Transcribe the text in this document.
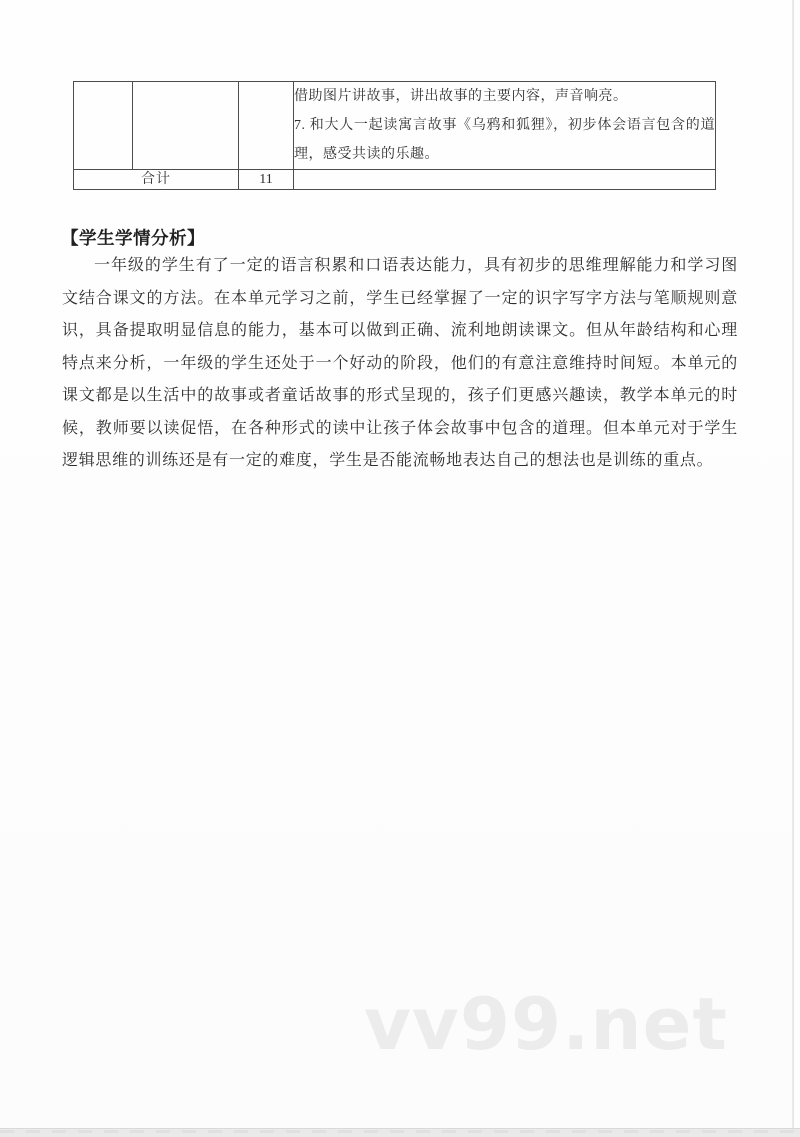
			借助图片讲故事，讲出故事的主要内容，声音响亮。

7. 和大人一起读寓言故事《乌鸦和狐狸》，初步体会语言包含的道理，感受共读的乐趣。

合计		11	
【学生学情分析】

一年级的学生有了一定的语言积累和口语表达能力，具有初步的思维理解能力和学习图文结合课文的方法。在本单元学习之前，学生已经掌握了一定的识字写字方法与笔顺规则意识，具备提取明显信息的能力，基本可以做到正确、流利地朗读课文。但从年龄结构和心理特点来分析，一年级的学生还处于一个好动的阶段，他们的有意注意维持时间短。本单元的课文都是以生活中的故事或者童话故事的形式呈现的，孩子们更感兴趣读，教学本单元的时候，教师要以读促悟，在各种形式的读中让孩子体会故事中包含的道理。但本单元对于学生逻辑思维的训练还是有一定的难度，学生是否能流畅地表达自己的想法也是训练的重点。

vv99.net
